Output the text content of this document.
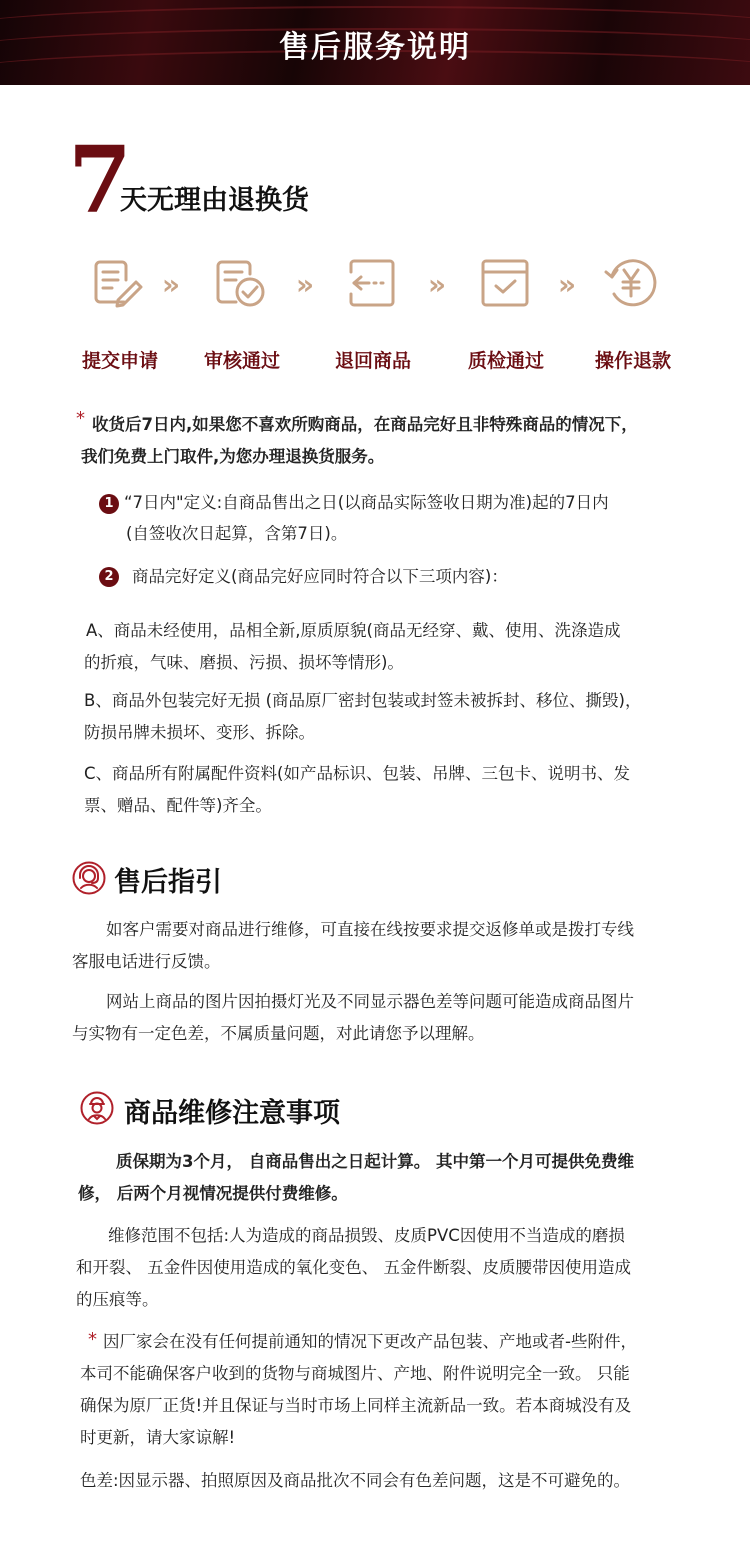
售后服务说明
7
天无理由退换货
»	»	»	»
提交申请	审核通过	退回商品	质检通过	操作退款
* 收货后7日内,如果您不喜欢所购商品，在商品完好且非特殊商品的情况下，

我们免费上门取件,为您办理退换货服务。

1 “7日内"定义:自商品售出之日(以商品实际签收日期为准)起的7日内

(自签收次日起算，含第7日)。

2	商品完好定义(商品完好应同时符合以下三项内容)：

A、商品未经使用，品相全新,原质原貌(商品无经穿、戴、使用、洗涤造成

的折痕，气味、磨损、污损、损坏等情形)。

B、商品外包装完好无损 (商品原厂密封包装或封签未被拆封、移位、撕毁)，

防损吊牌未损坏、变形、拆除。

C、商品所有附属配件资料(如产品标识、包装、吊牌、三包卡、说明书、发

票、赠品、配件等)齐全。

售后指引

如客户需要对商品进行维修，可直接在线按要求提交返修单或是拨打专线

客服电话进行反馈。

网站上商品的图片因拍摄灯光及不同显示器色差等问题可能造成商品图片

与实物有一定色差，不属质量问题，对此请您予以理解。

商品维修注意事项

质保期为3个月， 自商品售出之日起计算。 其中第一个月可提供免费维

修， 后两个月视情况提供付费维修。

维修范围不包括:人为造成的商品损毁、皮质PVC因使用不当造成的磨损

和开裂、 五金件因使用造成的氧化变色、 五金件断裂、皮质腰带因使用造成

的压痕等。

* 因厂家会在没有任何提前通知的情况下更改产品包装、产地或者-些附件，

本司不能确保客户收到的货物与商城图片、产地、附件说明完全一致。 只能

确保为原厂正货!并且保证与当时市场上同样主流新品一致。若本商城没有及

时更新，请大家谅解!

色差:因显示器、拍照原因及商品批次不同会有色差问题，这是不可避免的。
